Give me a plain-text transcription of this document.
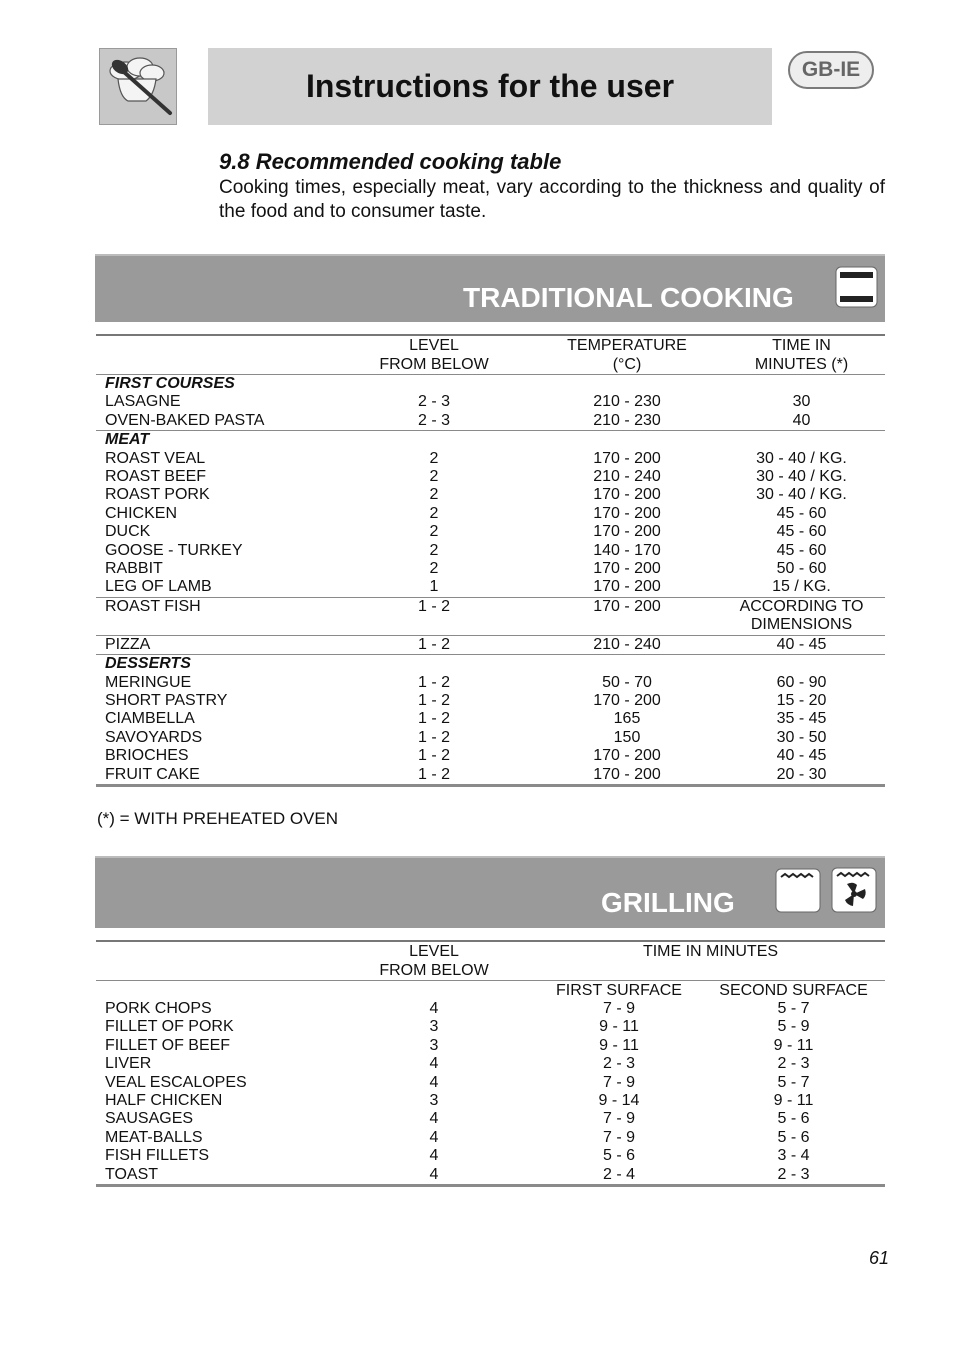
Instructions for the user	GB-IE
9.8 Recommended cooking table
Cooking times, especially meat, vary according to the thickness and quality of the food and to consumer taste.
TRADITIONAL COOKING
	LEVEL	TEMPERATURE	TIME IN
	FROM BELOW	(°C)	MINUTES (*)
FIRST COURSES			
LASAGNE	2 - 3	210 - 230	30
OVEN-BAKED PASTA	2 - 3	210 - 230	40
MEAT			
ROAST VEAL	2	170 - 200	30 - 40 / KG.
ROAST BEEF	2	210 - 240	30 - 40 / KG.
ROAST PORK	2	170 - 200	30 - 40 / KG.
CHICKEN	2	170 - 200	45 - 60
DUCK	2	170 - 200	45 - 60
GOOSE - TURKEY	2	140 - 170	45 - 60
RABBIT	2	170 - 200	50 - 60
LEG OF LAMB	1	170 - 200	15 / KG.
ROAST FISH	1 - 2	170 - 200	ACCORDING TO
			DIMENSIONS
PIZZA	1 - 2	210 - 240	40 - 45
DESSERTS			
MERINGUE	1 - 2	50 - 70	60 - 90
SHORT PASTRY	1 - 2	170 - 200	15 - 20
CIAMBELLA	1 - 2	165	35 - 45
SAVOYARDS	1 - 2	150	30 - 50
BRIOCHES	1 - 2	170 - 200	40 - 45
FRUIT CAKE	1 - 2	170 - 200	20 - 30
(*) = WITH PREHEATED OVEN
GRILLING
	LEVEL	TIME IN MINUTES	
	FROM BELOW		
		FIRST SURFACE	SECOND SURFACE
PORK CHOPS	4	7 - 9	5 - 7
FILLET OF PORK	3	9 - 11	5 - 9
FILLET OF BEEF	3	9 - 11	9 - 11
LIVER	4	2 - 3	2 - 3
VEAL ESCALOPES	4	7 - 9	5 - 7
HALF CHICKEN	3	9 - 14	9 - 11
SAUSAGES	4	7 - 9	5 - 6
MEAT-BALLS	4	7 - 9	5 - 6
FISH FILLETS	4	5 - 6	3 - 4
TOAST	4	2 - 4	2 - 3
61
